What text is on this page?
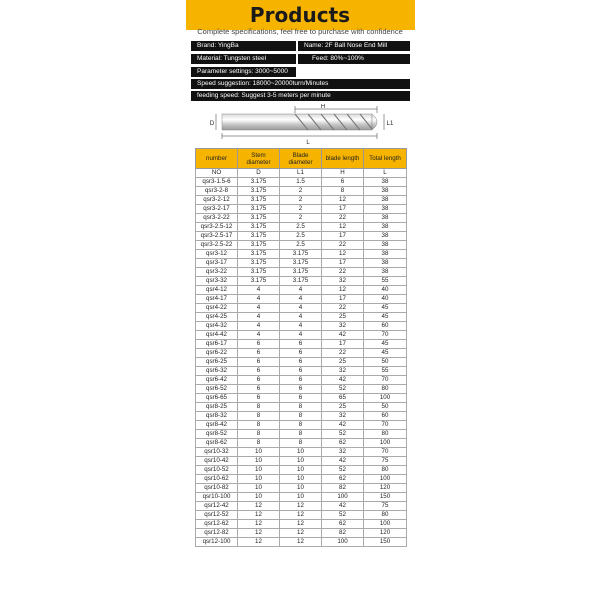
Products
Complete specifications, feel free to purchase with confidence
Brand: YingBa	Name: 2F Ball Nose End Mill
Material: Tungsten steel	Feed: 80%~100%
Parameter settings: 3000~5000
Speed suggestion: 18000~20000turn/Minutes
feeding speed: Suggest 3-5 meters per minute
H
D	L1
L
number	Stem diameter	Blade diameter	blade length	Total length
NO	D	L1	H	L
qsr3-1.5-6	3.175	1.5	6	38
qsr3-2-8	3.175	2	8	38
qsr3-2-12	3.175	2	12	38
qsr3-2-17	3.175	2	17	38
qsr3-2-22	3.175	2	22	38
qsr3-2.5-12	3.175	2.5	12	38
qsr3-2.5-17	3.175	2.5	17	38
qsr3-2.5-22	3.175	2.5	22	38
qsr3-12	3.175	3.175	12	38
qsr3-17	3.175	3.175	17	38
qsr3-22	3.175	3.175	22	38
qsr3-32	3.175	3.175	32	55
qsr4-12	4	4	12	40
qsr4-17	4	4	17	40
qsr4-22	4	4	22	45
qsr4-25	4	4	25	45
qsr4-32	4	4	32	60
qsr4-42	4	4	42	70
qsr6-17	6	6	17	45
qsr6-22	6	6	22	45
qsr6-25	6	6	25	50
qsr6-32	6	6	32	55
qsr6-42	6	6	42	70
qsr6-52	6	6	52	80
qsr6-65	6	6	65	100
qsr8-25	8	8	25	50
qsr8-32	8	8	32	60
qsr8-42	8	8	42	70
qsr8-52	8	8	52	80
qsr8-62	8	8	62	100
qsr10-32	10	10	32	70
qsr10-42	10	10	42	75
qsr10-52	10	10	52	80
qsr10-62	10	10	62	100
qsr10-82	10	10	82	120
qsr10-100	10	10	100	150
qsr12-42	12	12	42	75
qsr12-52	12	12	52	80
qsr12-62	12	12	62	100
qsr12-82	12	12	82	120
qsr12-100	12	12	100	150
